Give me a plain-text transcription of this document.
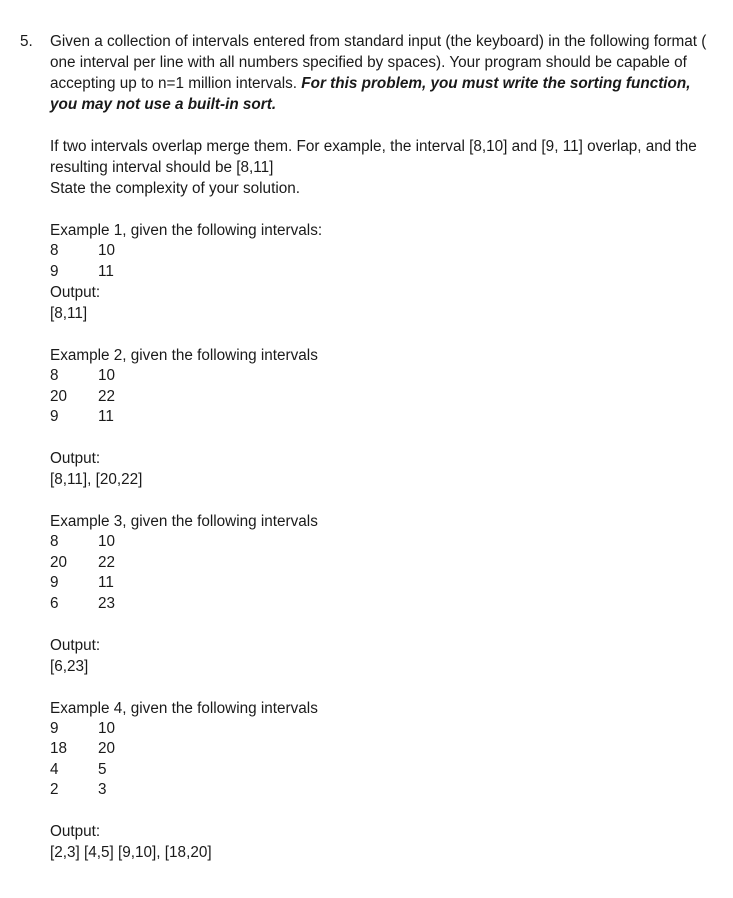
5. Given a collection of intervals entered from standard input (the keyboard) in the following format ( one interval per line with all numbers specified by spaces). Your program should be capable of accepting up to n=1 million intervals. For this problem, you must write the sorting function, you may not use a built-in sort.

If two intervals overlap merge them. For example, the interval [8,10] and [9, 11] overlap, and the resulting interval should be [8,11]

State the complexity of your solution.

Example 1, given the following intervals:
8	10
9	11
Output:
[8,11]
Example 2, given the following intervals
8	10
20	22
9	11
Output:
[8,11], [20,22]
Example 3, given the following intervals
8	10
20	22
9	11
6	23
Output:
[6,23]
Example 4, given the following intervals
9	10
18	20
4	5
2	3
Output:
[2,3] [4,5] [9,10], [18,20]
